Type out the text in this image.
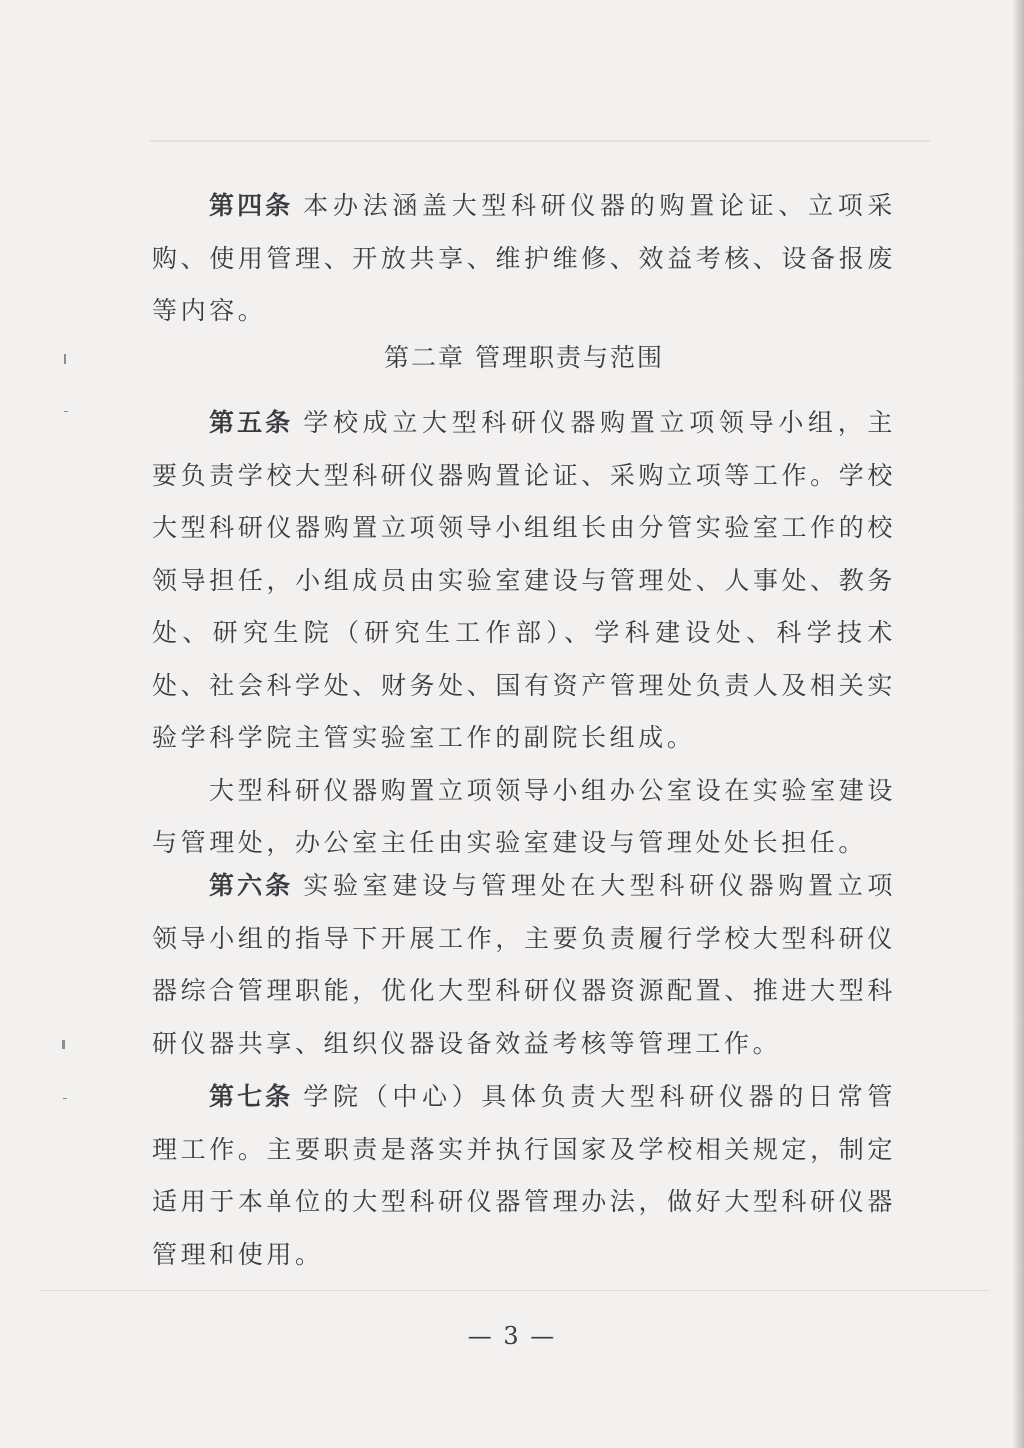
第四条 本办法涵盖大型科研仪器的购置论证、立项采购、使用管理、开放共享、维护维修、效益考核、设备报废等内容。

第二章 管理职责与范围

第五条 学校成立大型科研仪器购置立项领导小组，主要负责学校大型科研仪器购置论证、采购立项等工作。学校大型科研仪器购置立项领导小组组长由分管实验室工作的校领导担任，小组成员由实验室建设与管理处、人事处、教务处、研究生院（研究生工作部）、学科建设处、科学技术处、社会科学处、财务处、国有资产管理处负责人及相关实验学科学院主管实验室工作的副院长组成。

大型科研仪器购置立项领导小组办公室设在实验室建设与管理处，办公室主任由实验室建设与管理处处长担任。

第六条 实验室建设与管理处在大型科研仪器购置立项领导小组的指导下开展工作，主要负责履行学校大型科研仪器综合管理职能，优化大型科研仪器资源配置、推进大型科研仪器共享、组织仪器设备效益考核等管理工作。

第七条 学院（中心）具体负责大型科研仪器的日常管理工作。主要职责是落实并执行国家及学校相关规定，制定适用于本单位的大型科研仪器管理办法，做好大型科研仪器管理和使用。

— 3 —
